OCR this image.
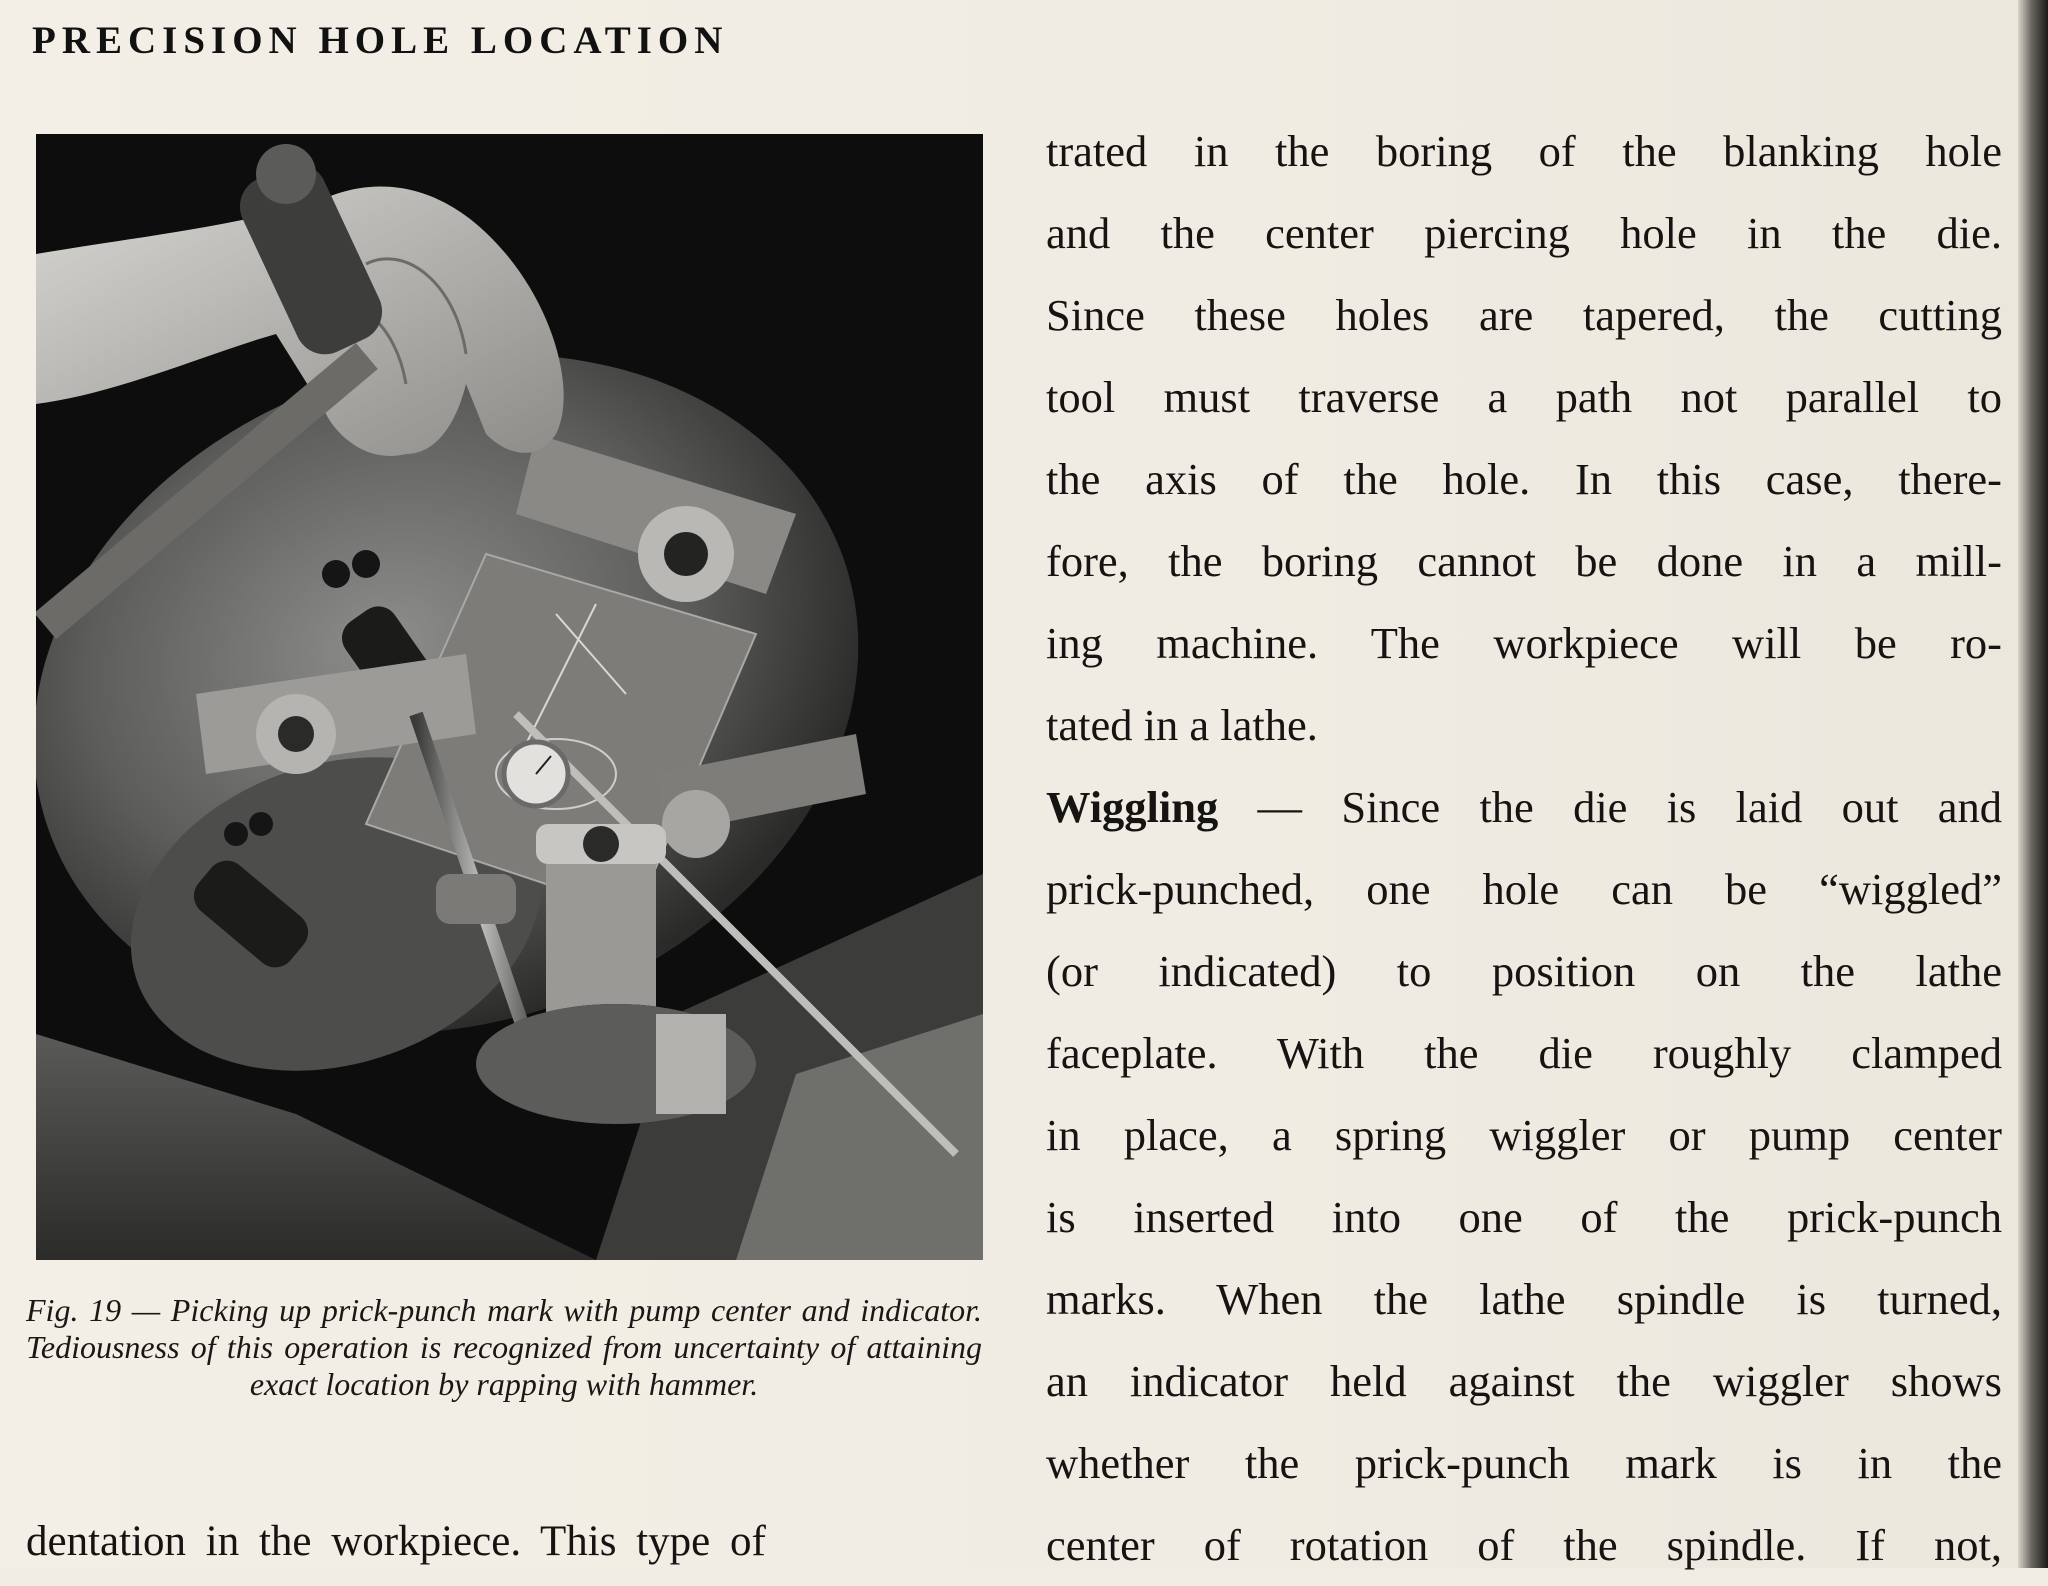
PRECISION HOLE LOCATION
Fig. 19 — Picking up prick-punch mark with pump center and indicator. Tediousness of this operation is recognized from uncertainty of attaining exact location by rapping with hammer.
dentation in the workpiece. This type of
trated in the boring of the blanking hole
and the center piercing hole in the die.
Since these holes are tapered, the cutting
tool must traverse a path not parallel to
the axis of the hole. In this case, there-
fore, the boring cannot be done in a mill-
ing machine. The workpiece will be ro-
tated in a lathe.
Wiggling — Since the die is laid out and
prick-punched, one hole can be “wiggled”
(or indicated) to position on the lathe
faceplate. With the die roughly clamped
in place, a spring wiggler or pump center
is inserted into one of the prick-punch
marks. When the lathe spindle is turned,
an indicator held against the wiggler shows
whether the prick-punch mark is in the
center of rotation of the spindle. If not,
